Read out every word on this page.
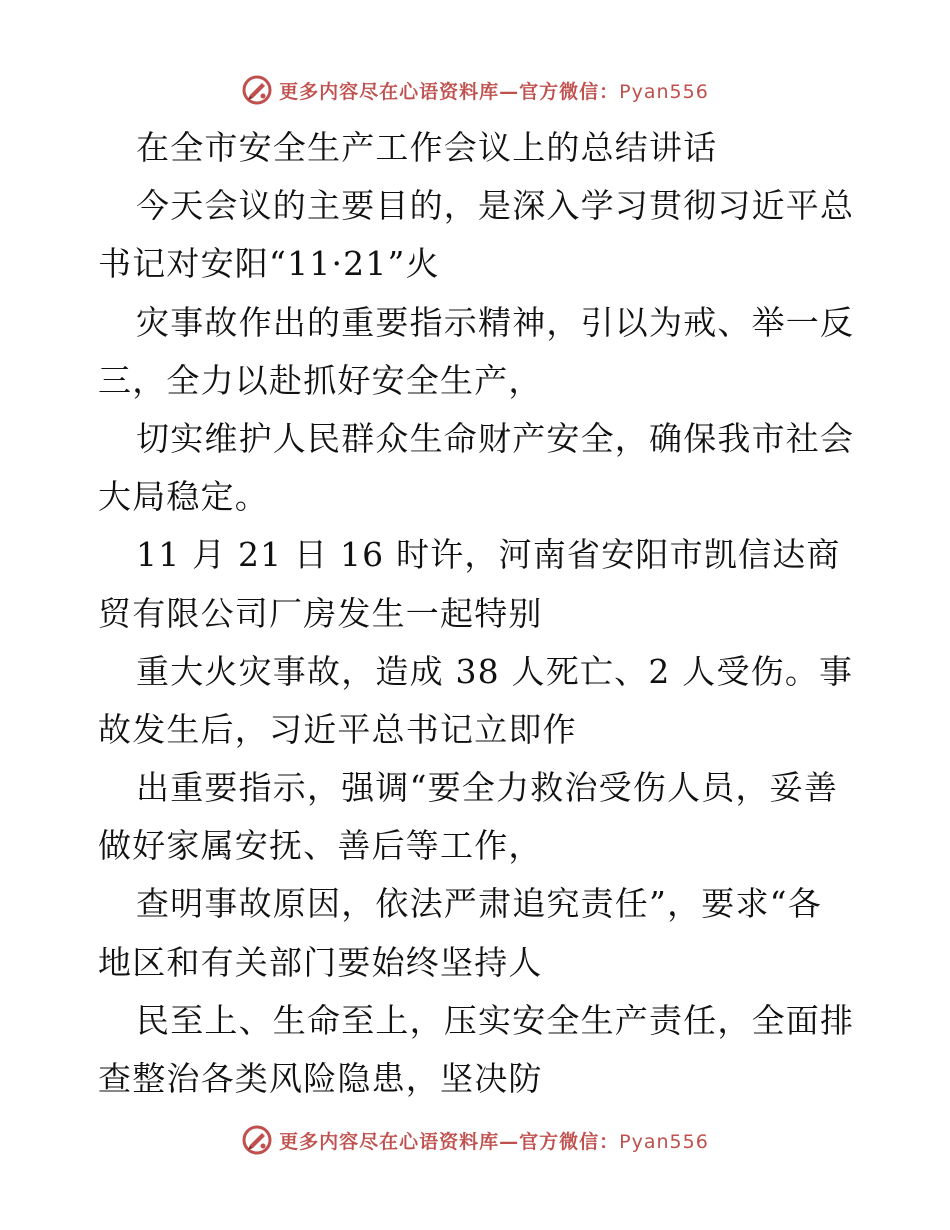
更多内容尽在心语资料库—官方微信：Pyan556
在全市安全生产工作会议上的总结讲话
今天会议的主要目的，是深入学习贯彻习近平总
书记对安阳“11·21”火
灾事故作出的重要指示精神，引以为戒、举一反
三，全力以赴抓好安全生产，
切实维护人民群众生命财产安全，确保我市社会
大局稳定。
11 月 21 日 16 时许，河南省安阳市凯信达商
贸有限公司厂房发生一起特别
重大火灾事故，造成 38 人死亡、2 人受伤。事
故发生后，习近平总书记立即作
出重要指示，强调“要全力救治受伤人员，妥善
做好家属安抚、善后等工作，
查明事故原因，依法严肃追究责任”，要求“各
地区和有关部门要始终坚持人
民至上、生命至上，压实安全生产责任，全面排
查整治各类风险隐患，坚决防
更多内容尽在心语资料库—官方微信：Pyan556
